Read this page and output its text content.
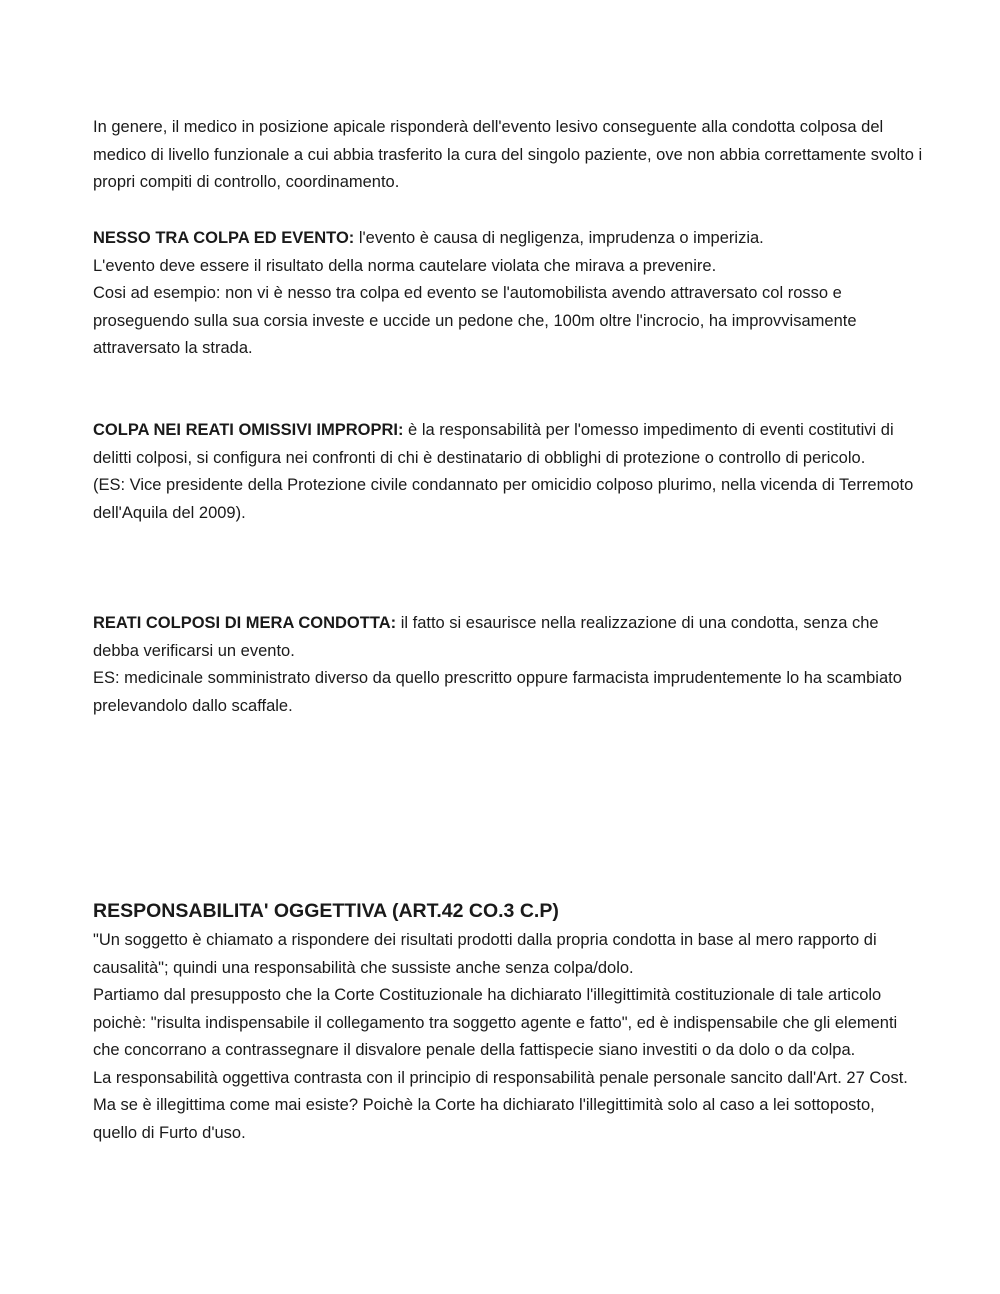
In genere, il medico in posizione apicale risponderà dell'evento lesivo conseguente alla condotta colposa del medico di livello funzionale a cui abbia trasferito la cura del singolo paziente, ove non abbia correttamente svolto i propri compiti di controllo, coordinamento.

NESSO TRA COLPA ED EVENTO: l'evento è causa di negligenza, imprudenza o imperizia.

L'evento deve essere il risultato della norma cautelare violata che mirava a prevenire.

Cosi ad esempio: non vi è nesso tra colpa ed evento se l'automobilista avendo attraversato col rosso e proseguendo sulla sua corsia investe e uccide un pedone che, 100m oltre l'incrocio, ha improvvisamente attraversato la strada.

COLPA NEI REATI OMISSIVI IMPROPRI: è la responsabilità per l'omesso impedimento di eventi costitutivi di delitti colposi, si configura nei confronti di chi è destinatario di obblighi di protezione o controllo di pericolo.

(ES: Vice presidente della Protezione civile condannato per omicidio colposo plurimo, nella vicenda di Terremoto dell'Aquila del 2009).

REATI COLPOSI DI MERA CONDOTTA: il fatto si esaurisce nella realizzazione di una condotta, senza che debba verificarsi un evento.

ES: medicinale somministrato diverso da quello prescritto oppure farmacista imprudentemente lo ha scambiato prelevandolo dallo scaffale.

RESPONSABILITA' OGGETTIVA (ART.42 CO.3 C.P)

"Un soggetto è chiamato a rispondere dei risultati prodotti dalla propria condotta in base al mero rapporto di causalità"; quindi una responsabilità che sussiste anche senza colpa/dolo.

Partiamo dal presupposto che la Corte Costituzionale ha dichiarato l'illegittimità costituzionale di tale articolo poichè: "risulta indispensabile il collegamento tra soggetto agente e fatto", ed è indispensabile che gli elementi che concorrano a contrassegnare il disvalore penale della fattispecie siano investiti o da dolo o da colpa.

La responsabilità oggettiva contrasta con il principio di responsabilità penale personale sancito dall'Art. 27 Cost.

Ma se è illegittima come mai esiste? Poichè la Corte ha dichiarato l'illegittimità solo al caso a lei sottoposto, quello di Furto d'uso.
